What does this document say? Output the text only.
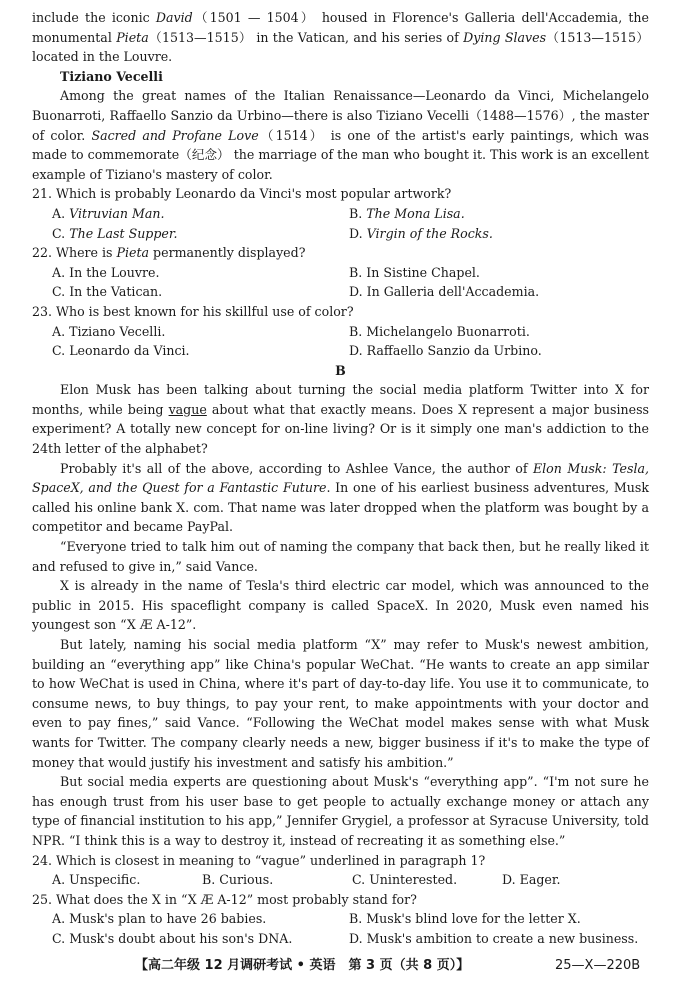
include the iconic David（1501 — 1504） housed in Florence's Galleria dell'Accademia, the monumental Pieta（1513—1515） in the Vatican, and his series of Dying Slaves（1513—1515） located in the Louvre.

Tiziano Vecelli

Among the great names of the Italian Renaissance—Leonardo da Vinci, Michelangelo Buonarroti, Raffaello Sanzio da Urbino—there is also Tiziano Vecelli（1488—1576）, the master of color. Sacred and Profane Love（1514） is one of the artist's early paintings, which was made to commemorate（纪念） the marriage of the man who bought it. This work is an excellent example of Tiziano's mastery of color.

21. Which is probably Leonardo da Vinci's most popular artwork?

A. Vitruvian Man.	B. The Mona Lisa.
C. The Last Supper.	D. Virgin of the Rocks.

22. Where is Pieta permanently displayed?

A. In the Louvre.	B. In Sistine Chapel.
C. In the Vatican.	D. In Galleria dell'Accademia.

23. Who is best known for his skillful use of color?

A. Tiziano Vecelli.	B. Michelangelo Buonarroti.
C. Leonardo da Vinci.	D. Raffaello Sanzio da Urbino.

B

Elon Musk has been talking about turning the social media platform Twitter into X for months, while being vague about what that exactly means. Does X represent a major business experiment? A totally new concept for on-line living? Or is it simply one man's addiction to the 24th letter of the alphabet?

Probably it's all of the above, according to Ashlee Vance, the author of Elon Musk: Tesla, SpaceX, and the Quest for a Fantastic Future. In one of his earliest business adventures, Musk called his online bank X. com. That name was later dropped when the platform was bought by a competitor and became PayPal.

“Everyone tried to talk him out of naming the company that back then, but he really liked it and refused to give in,” said Vance.

X is already in the name of Tesla's third electric car model, which was announced to the public in 2015. His spaceflight company is called SpaceX. In 2020, Musk even named his youngest son “X Æ A-12”.

But lately, naming his social media platform “X” may refer to Musk's newest ambition, building an “everything app” like China's popular WeChat. “He wants to create an app similar to how WeChat is used in China, where it's part of day-to-day life. You use it to communicate, to consume news, to buy things, to pay your rent, to make appointments with your doctor and even to pay fines,” said Vance. “Following the WeChat model makes sense with what Musk wants for Twitter. The company clearly needs a new, bigger business if it's to make the type of money that would justify his investment and satisfy his ambition.”

But social media experts are questioning about Musk's “everything app”. “I'm not sure he has enough trust from his user base to get people to actually exchange money or attach any type of financial institution to his app,” Jennifer Grygiel, a professor at Syracuse University, told NPR. “I think this is a way to destroy it, instead of recreating it as something else.”

24. Which is closest in meaning to “vague” underlined in paragraph 1?

A. Unspecific.	B. Curious.	C. Uninterested.	D. Eager.

25. What does the X in “X Æ A-12” most probably stand for?

A. Musk's plan to have 26 babies.	B. Musk's blind love for the letter X.
C. Musk's doubt about his son's DNA.	D. Musk's ambition to create a new business.
【高二年级 12 月调研考试 • 英语　第 3 页（共 8 页）】	25—X—220B
